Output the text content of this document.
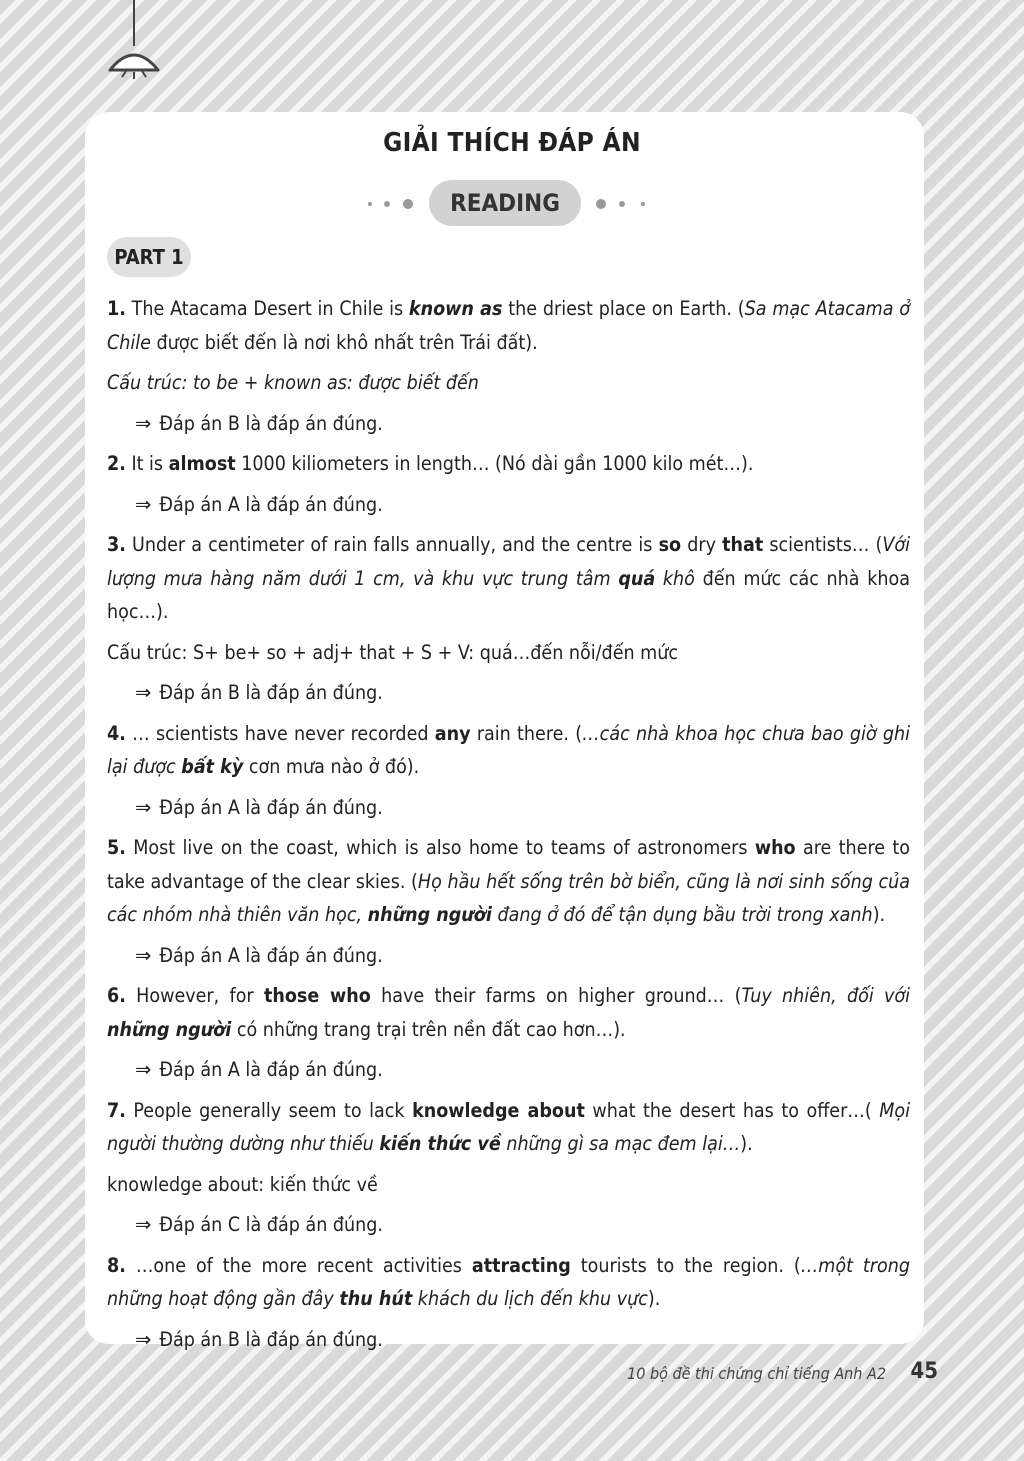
GIẢI THÍCH ĐÁP ÁN
READING
PART 1

1. The Atacama Desert in Chile is known as the driest place on Earth. (Sa mạc Atacama ở Chile được biết đến là nơi khô nhất trên Trái đất).

Cấu trúc: to be + known as: được biết đến

⇒ Đáp án B là đáp án đúng.

2. It is almost 1000 kiliometers in length… (Nó dài gần 1000 kilo mét…).

⇒ Đáp án A là đáp án đúng.

3. Under a centimeter of rain falls annually, and the centre is so dry that scientists… (Với lượng mưa hàng năm dưới 1 cm, và khu vực trung tâm quá khô đến mức các nhà khoa học…).

Cấu trúc: S+ be+ so + adj+ that + S + V: quá…đến nỗi/đến mức

⇒ Đáp án B là đáp án đúng.

4. … scientists have never recorded any rain there. (…các nhà khoa học chưa bao giờ ghi lại được bất kỳ cơn mưa nào ở đó).

⇒ Đáp án A là đáp án đúng.

5. Most live on the coast, which is also home to teams of astronomers who are there to take advantage of the clear skies. (Họ hầu hết sống trên bờ biển, cũng là nơi sinh sống của các nhóm nhà thiên văn học, những người đang ở đó để tận dụng bầu trời trong xanh).

⇒ Đáp án A là đáp án đúng.

6. However, for those who have their farms on higher ground… (Tuy nhiên, đối với những người có những trang trại trên nền đất cao hơn…).

⇒ Đáp án A là đáp án đúng.

7. People generally seem to lack knowledge about what the desert has to offer…( Mọi người thường dường như thiếu kiến thức về những gì sa mạc đem lại…).

knowledge about: kiến thức về

⇒ Đáp án C là đáp án đúng.

8. …one of the more recent activities attracting tourists to the region. (…một trong những hoạt động gần đây thu hút khách du lịch đến khu vực).

⇒ Đáp án B là đáp án đúng.

10 bộ đề thi chứng chỉ tiếng Anh A2 45
